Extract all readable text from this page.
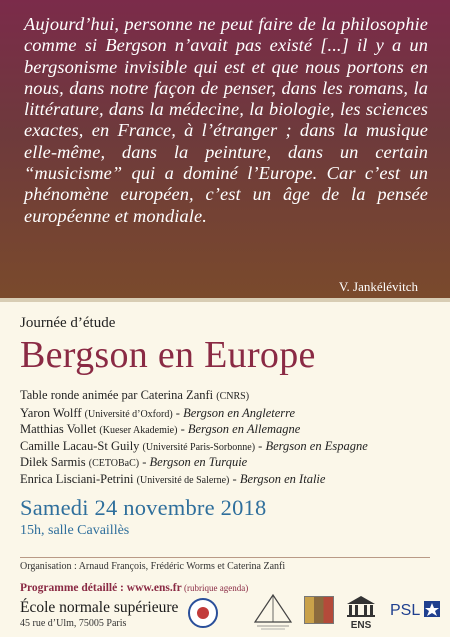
Aujourd’hui, personne ne peut faire de la philosophie comme si Bergson n’avait pas existé [...] il y a un bergsonisme invisible qui est et que nous portons en nous, dans notre façon de penser, dans les romans, la littérature, dans la médecine, la biologie, les sciences exactes, en France, à l’étranger ; dans la musique elle-même, dans la peinture, dans un certain “musicisme” qui a dominé l’Europe. Car c’est un phénomène européen, c’est un âge de la pensée européenne et mondiale.

V. Jankélévitch
Journée d’étude
Bergson en Europe
Table ronde animée par Caterina Zanfi (CNRS)
Yaron Wolff (Université d’Oxford) - Bergson en Angleterre
Matthias Vollet (Kueser Akademie) - Bergson en Allemagne
Camille Lacau-St Guily (Université Paris-Sorbonne) - Bergson en Espagne
Dilek Sarmis (CETOBaC) - Bergson en Turquie
Enrica Lisciani-Petrini (Université de Salerne) - Bergson en Italie
Samedi 24 novembre 2018
15h, salle Cavaillès
Organisation : Arnaud François, Frédéric Worms et Caterina Zanfi
Programme détaillé : www.ens.fr (rubrique agenda)
École normale supérieure
45 rue d’Ulm, 75005 Paris	ENS
PSL
